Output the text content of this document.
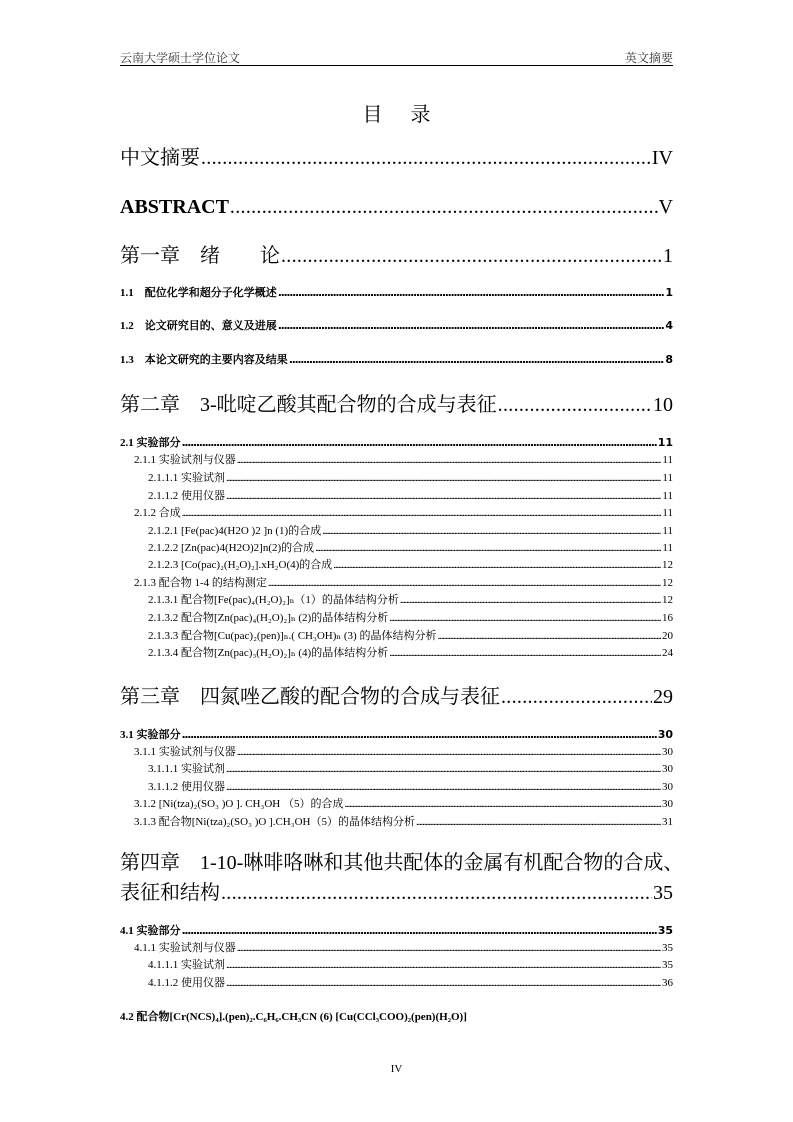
云南大学硕士学位论文	英文摘要
目 录
中文摘要 .....	IV
ABSTRACT .....	V
第一章　绪　　论 .....	1
1.1　配位化学和超分子化学概述 .....	1
1.2　论文研究目的、意义及进展 .....	4
1.3　本论文研究的主要内容及结果 .....	8
第二章　3-吡啶乙酸其配合物的合成与表征 .....	10
2.1 实验部分 .....	11
2.1.1 实验试剂与仪器 .....	11
2.1.1.1 实验试剂 .....	11
2.1.1.2 使用仪器 .....	11
2.1.2 合成 .....	11
2.1.2.1 [Fe(pac)4(H2O )2 ]n (1)的合成 .....	11
2.1.2.2 [Zn(pac)4(H2O)2]n(2)的合成 .....	11
2.1.2.3 [Co(pac)₂(H₂O)₂].xH₂O(4)的合成 .....	12
2.1.3 配合物 1-4 的结构测定 .....	12
2.1.3.1 配合物[Fe(pac)₄(H₂O)₂]ₙ（1）的晶体结构分析 .....	12
2.1.3.2 配合物[Zn(pac)₄(H₂O)₂]ₙ (2)的晶体结构分析 .....	16
2.1.3.3 配合物[Cu(pac)₂(pen)]ₙ.( CH₃OH)ₙ (3) 的晶体结构分析 .....	20
2.1.3.4 配合物[Zn(pac)₃(H₂O)₂]ₙ (4)的晶体结构分析 .....	24
第三章　四氮唑乙酸的配合物的合成与表征 .....	29
3.1 实验部分 .....	30
3.1.1 实验试剂与仪器 .....	30
3.1.1.1 实验试剂 .....	30
3.1.1.2 使用仪器 .....	30
3.1.2 [Ni(tza)₂(SO₃ )O ]. CH₃OH （5）的合成 .....	30
3.1.3 配合物[Ni(tza)₂(SO₃ )O ].CH₃OH（5）的晶体结构分析 .....	31
第四章　1-10-啉啡咯啉和其他共配体的金属有机配合物的合成、
表征和结构 .....	35
4.1 实验部分 .....	35
4.1.1 实验试剂与仪器 .....	35
4.1.1.1 实验试剂 .....	35
4.1.1.2 使用仪器 .....	36
4.2 配合物[Cr(NCS)₄].(pen)₂.C₆H₆.CH₃CN (6) [Cu(CCl₃COO)₂(pen)(H₂O)]
IV
